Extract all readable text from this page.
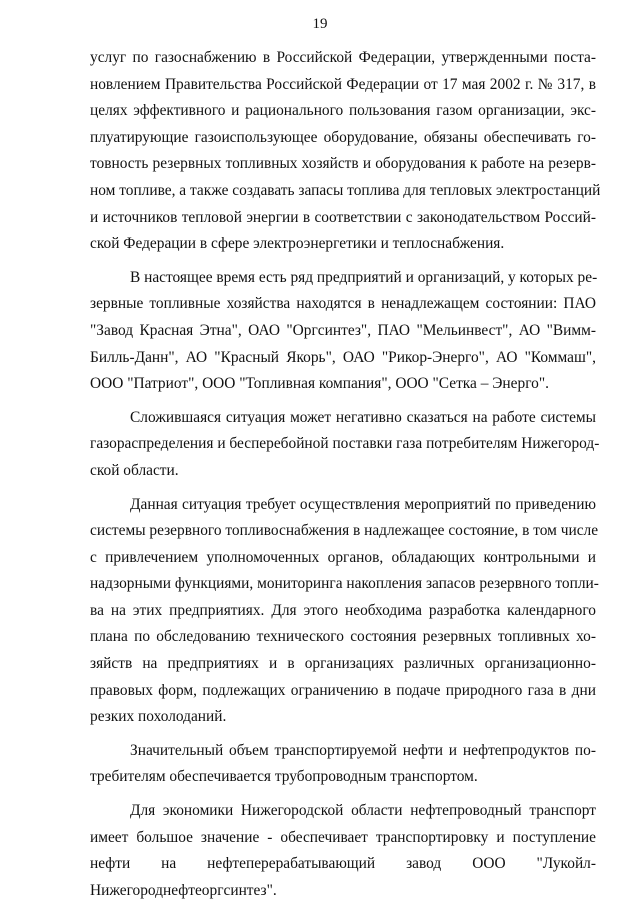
19
услуг по газоснабжению в Российской Федерации, утвержденными поста-
новлением Правительства Российской Федерации от 17 мая 2002 г. № 317, в
целях эффективного и рационального пользования газом организации, экс-
плуатирующие газоиспользующее оборудование, обязаны обеспечивать го-
товность резервных топливных хозяйств и оборудования к работе на резерв-
ном топливе, а также создавать запасы топлива для тепловых электростанций
и источников тепловой энергии в соответствии с законодательством Россий-
ской Федерации в сфере электроэнергетики и теплоснабжения.
В настоящее время есть ряд предприятий и организаций, у которых ре-
зервные топливные хозяйства находятся в ненадлежащем состоянии: ПАО
"Завод Красная Этна", ОАО "Оргсинтез", ПАО "Мельинвест", АО "Вимм-
Билль-Данн", АО "Красный Якорь", ОАО "Рикор-Энерго", АО "Коммаш",
ООО "Патриот", ООО "Топливная компания", ООО "Сетка – Энерго".
Сложившаяся ситуация может негативно сказаться на работе системы
газораспределения и бесперебойной поставки газа потребителям Нижегород-
ской области.
Данная ситуация требует осуществления мероприятий по приведению
системы резервного топливоснабжения в надлежащее состояние, в том числе
с привлечением уполномоченных органов, обладающих контрольными и
надзорными функциями, мониторинга накопления запасов резервного топли-
ва на этих предприятиях. Для этого необходима разработка календарного
плана по обследованию технического состояния резервных топливных хо-
зяйств на предприятиях и в организациях различных организационно-
правовых форм, подлежащих ограничению в подаче природного газа в дни
резких похолоданий.
Значительный объем транспортируемой нефти и нефтепродуктов по-
требителям обеспечивается трубопроводным транспортом.
Для экономики Нижегородской области нефтепроводный транспорт
имеет большое значение - обеспечивает транспортировку и поступление
нефти на нефтеперерабатывающий завод ООО "Лукойл-
Нижегороднефтеоргсинтез".
